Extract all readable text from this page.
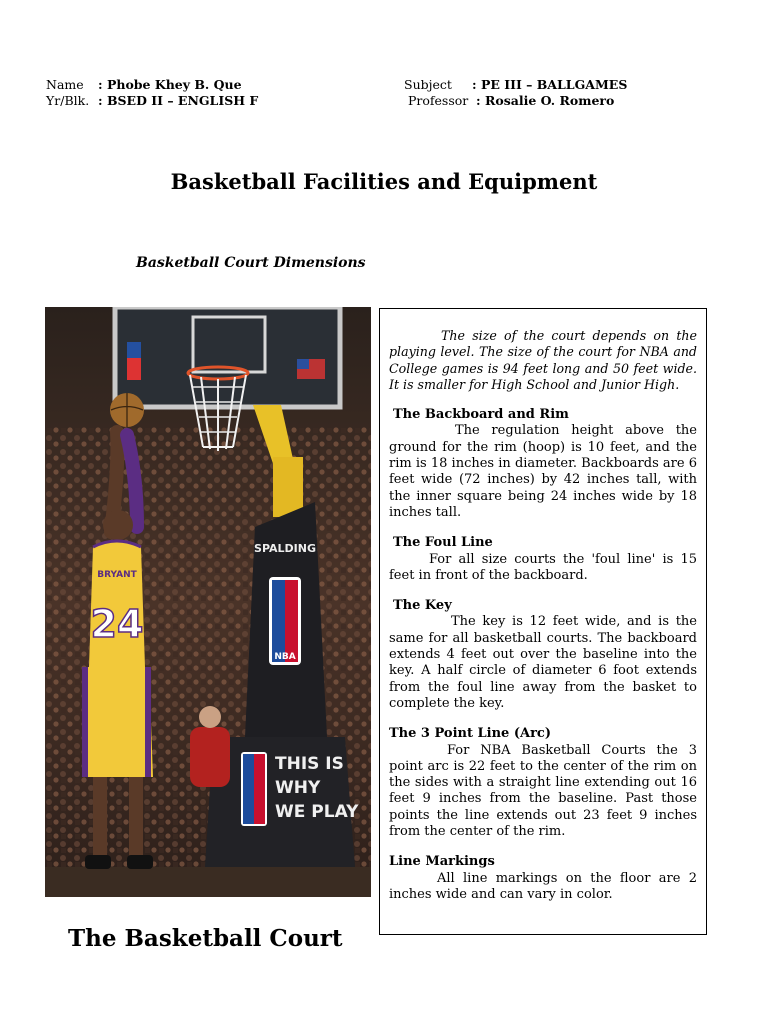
Name : Phobe Khey B. Que
Yr/Blk. : BSED II – ENGLISH F
Subject : PE III – BALLGAMES
Professor : Rosalie O. Romero
Basketball Facilities and Equipment
Basketball Court Dimensions
SPALDING
NBA
THIS IS
WHY
WE PLAY
BRYANT
24
The Basketball Court

The size of the court depends on the playing level. The size of the court for NBA and College games is 94 feet long and 50 feet wide. It is smaller for High School and Junior High.

The Backboard and Rim

The regulation height above the ground for the rim (hoop) is 10 feet, and the rim is 18 inches in diameter. Backboards are 6 feet wide (72 inches) by 42 inches tall, with the inner square being 24 inches wide by 18 inches tall.

The Foul Line

For all size courts the 'foul line' is 15 feet in front of the backboard.

The Key

The key is 12 feet wide, and is the same for all basketball courts. The backboard extends 4 feet out over the baseline into the key. A half circle of diameter 6 foot extends from the foul line away from the basket to complete the key.

The 3 Point Line (Arc)

For NBA Basketball Courts the 3 point arc is 22 feet to the center of the rim on the sides with a straight line extending out 16 feet 9 inches from the baseline. Past those points the line extends out 23 feet 9 inches from the center of the rim.

Line Markings

All line markings on the floor are 2 inches wide and can vary in color.
